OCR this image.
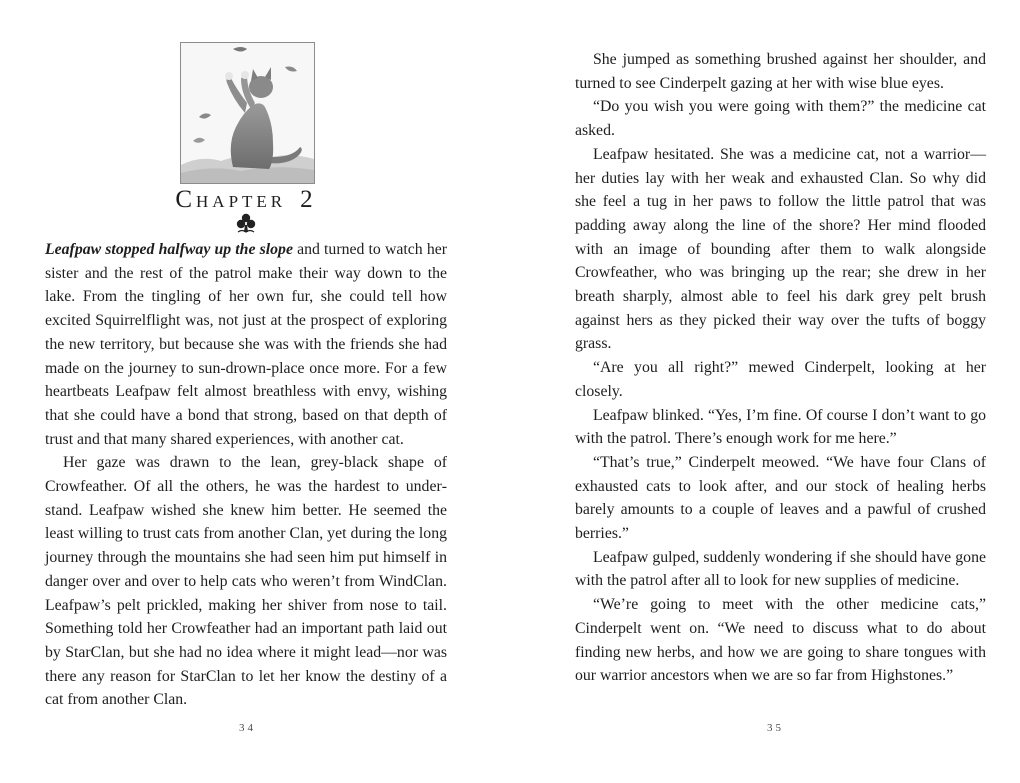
CHAPTER 2

Leafpaw stopped halfway up the slope and turned to watch her sister and the rest of the patrol make their way down to the lake. From the tingling of her own fur, she could tell how excited Squirrelflight was, not just at the prospect of exploring the new territory, but because she was with the friends she had made on the journey to sun-drown-place once more. For a few heartbeats Leafpaw felt almost breathless with envy, wishing that she could have a bond that strong, based on that depth of trust and that many shared experiences, with another cat.

Her gaze was drawn to the lean, grey-black shape of Crowfeather. Of all the others, he was the hardest to understand. Leafpaw wished she knew him better. He seemed the least willing to trust cats from another Clan, yet during the long journey through the mountains she had seen him put himself in danger over and over to help cats who weren’t from WindClan. Leafpaw’s pelt prickled, making her shiver from nose to tail. Something told her Crowfeather had an important path laid out by StarClan, but she had no idea where it might lead—nor was there any reason for StarClan to let her know the destiny of a cat from another Clan.

34

She jumped as something brushed against her shoulder, and turned to see Cinderpelt gazing at her with wise blue eyes.

“Do you wish you were going with them?” the medicine cat asked.

Leafpaw hesitated. She was a medicine cat, not a warrior—her duties lay with her weak and exhausted Clan. So why did she feel a tug in her paws to follow the little patrol that was padding away along the line of the shore? Her mind flooded with an image of bounding after them to walk alongside Crowfeather, who was bringing up the rear; she drew in her breath sharply, almost able to feel his dark grey pelt brush against hers as they picked their way over the tufts of boggy grass.

“Are you all right?” mewed Cinderpelt, looking at her closely.

Leafpaw blinked. “Yes, I’m fine. Of course I don’t want to go with the patrol. There’s enough work for me here.”

“That’s true,” Cinderpelt meowed. “We have four Clans of exhausted cats to look after, and our stock of healing herbs barely amounts to a couple of leaves and a pawful of crushed berries.”

Leafpaw gulped, suddenly wondering if she should have gone with the patrol after all to look for new supplies of medicine.

“We’re going to meet with the other medicine cats,” Cinderpelt went on. “We need to discuss what to do about finding new herbs, and how we are going to share tongues with our warrior ancestors when we are so far from Highstones.”

35
